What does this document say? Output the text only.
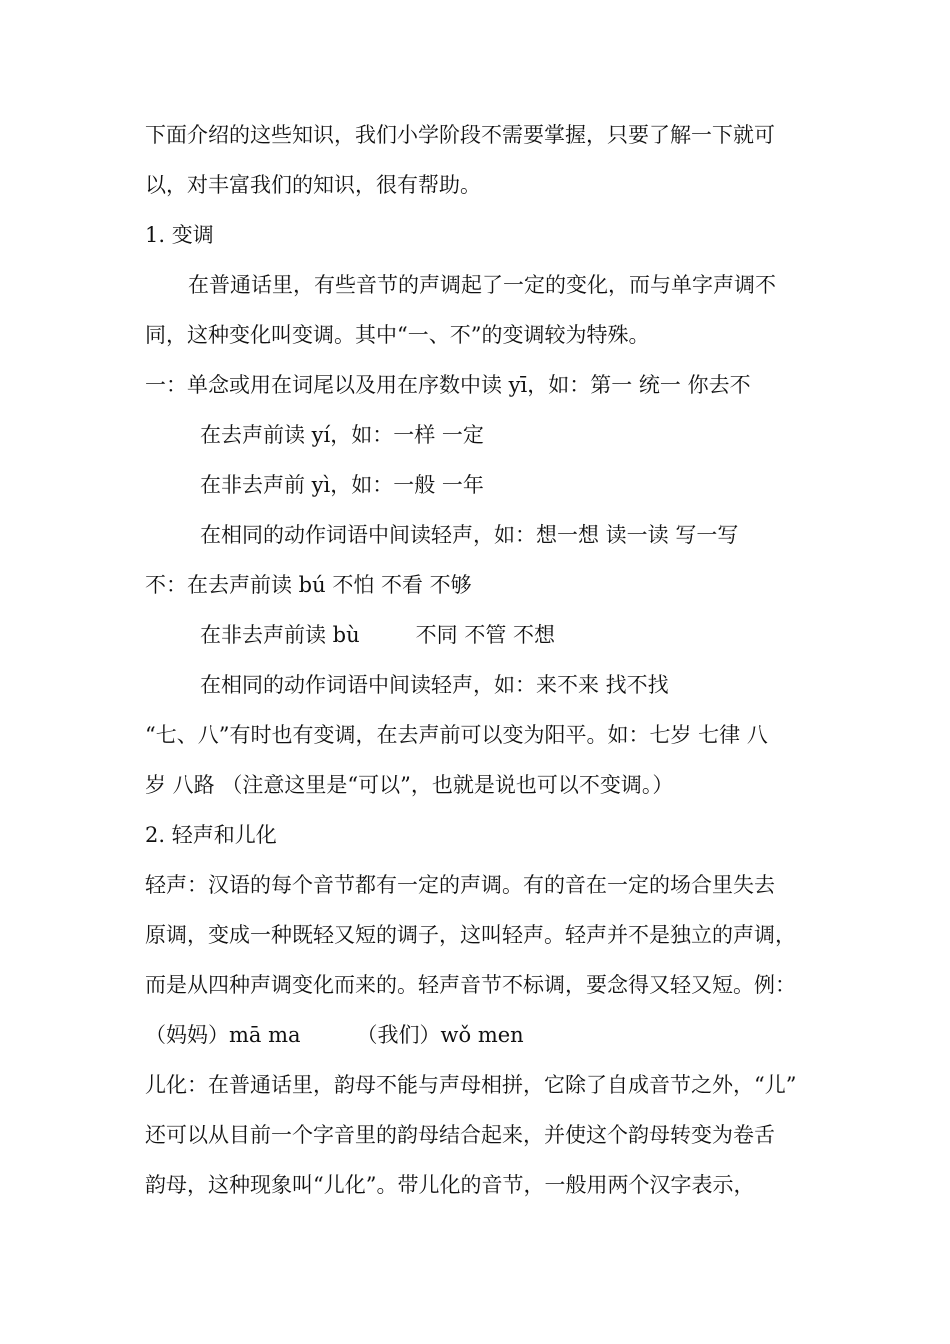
下面介绍的这些知识，我们小学阶段不需要掌握，只要了解一下就可
以，对丰富我们的知识，很有帮助。
1. 变调
在普通话里，有些音节的声调起了一定的变化，而与单字声调不
同，这种变化叫变调。其中“一、不”的变调较为特殊。
一：单念或用在词尾以及用在序数中读 yī，如：第一 统一 你去不
在去声前读 yí，如：一样 一定
在非去声前 yì，如：一般 一年
在相同的动作词语中间读轻声，如：想一想 读一读 写一写
不：在去声前读 bú 不怕 不看 不够
在非去声前读 bù	不同 不管 不想
在相同的动作词语中间读轻声，如：来不来 找不找
“七、八”有时也有变调，在去声前可以变为阳平。如：七岁 七律 八
岁 八路 （注意这里是“可以”，也就是说也可以不变调。）
2. 轻声和儿化
轻声：汉语的每个音节都有一定的声调。有的音在一定的场合里失去
原调，变成一种既轻又短的调子，这叫轻声。轻声并不是独立的声调，
而是从四种声调变化而来的。轻声音节不标调，要念得又轻又短。例：
（妈妈）mā ma	（我们）wǒ men
儿化：在普通话里，韵母不能与声母相拼，它除了自成音节之外，“儿”
还可以从目前一个字音里的韵母结合起来，并使这个韵母转变为卷舌
韵母，这种现象叫“儿化”。带儿化的音节，一般用两个汉字表示，
